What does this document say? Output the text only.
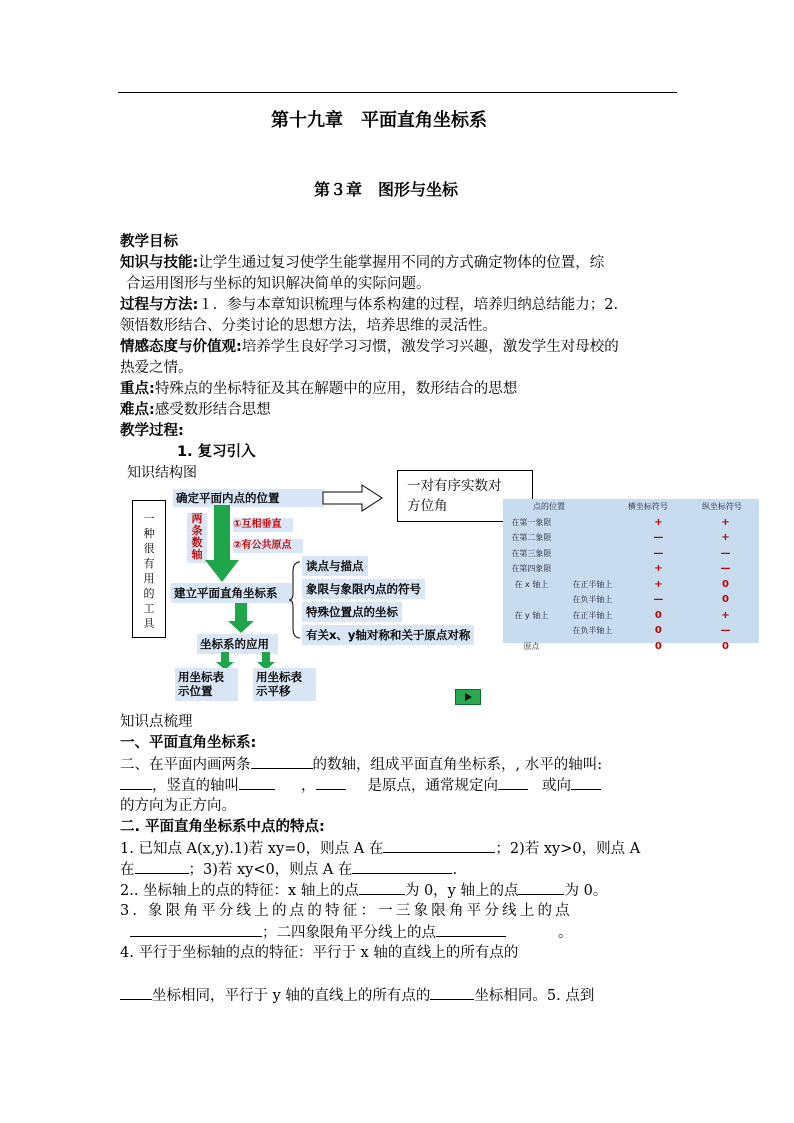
第十九章　平面直角坐标系
第３章　图形与坐标
教学目标
知识与技能:让学生通过复习使学生能掌握用不同的方式确定物体的位置，综
合运用图形与坐标的知识解决简单的实际问题。
过程与方法:１．参与本章知识梳理与体系构建的过程，培养归纳总结能力；2.
领悟数形结合、分类讨论的思想方法，培养思维的灵活性。
情感态度与价值观:培养学生良好学习习惯，激发学习兴趣，激发学生对母校的
热爱之情。
重点:特殊点的坐标特征及其在解题中的应用，数形结合的思想
难点:感受数形结合思想
教学过程:
1. 复习引入
知识结构图
一
种
很
有
用
的
工
具
确定平面内点的位置
两
条
数
轴
①互相垂直
②有公共原点
一对有序实数对
方位角
建立平面直角坐标系
读点与描点
象限与象限内点的符号
特殊位置点的坐标
有关x、y轴对称和关于原点对称
坐标系的应用
用坐标表
示位置
用坐标表
示平移
点的位置	横坐标符号	纵坐标符号
在第一象限		+	+
在第二象限		—	+
在第三象限		—	—
在第四象限		+	—
在 x 轴上	在正半轴上	+	0
	在负半轴上	—	0
在 y 轴上	在正半轴上	0	+
	在负半轴上	0	—
原点		0	0
知识点梳理
一、平面直角坐标系:
二、在平面内画两条	的数轴，组成平面直角坐标系，, 水平的轴叫:
，竖直的轴叫	，	是原点，通常规定向	或向
的方向为正方向。
二. 平面直角坐标系中点的特点:
1. 已知点 A(x,y).1)若 xy=0，则点 A 在	；2)若 xy>0，则点 A
在	；3)若 xy<0，则点 A 在	.
2.. 坐标轴上的点的特征：x 轴上的点	为 0，y 轴上的点	为 0。
3. 象限角平分线上的点的特征：一三象限角平分线上的点
；二四象限角平分线上的点	。
4. 平行于坐标轴的点的特征：平行于 x 轴的直线上的所有点的
坐标相同，平行于 y 轴的直线上的所有点的	坐标相同。5. 点到
